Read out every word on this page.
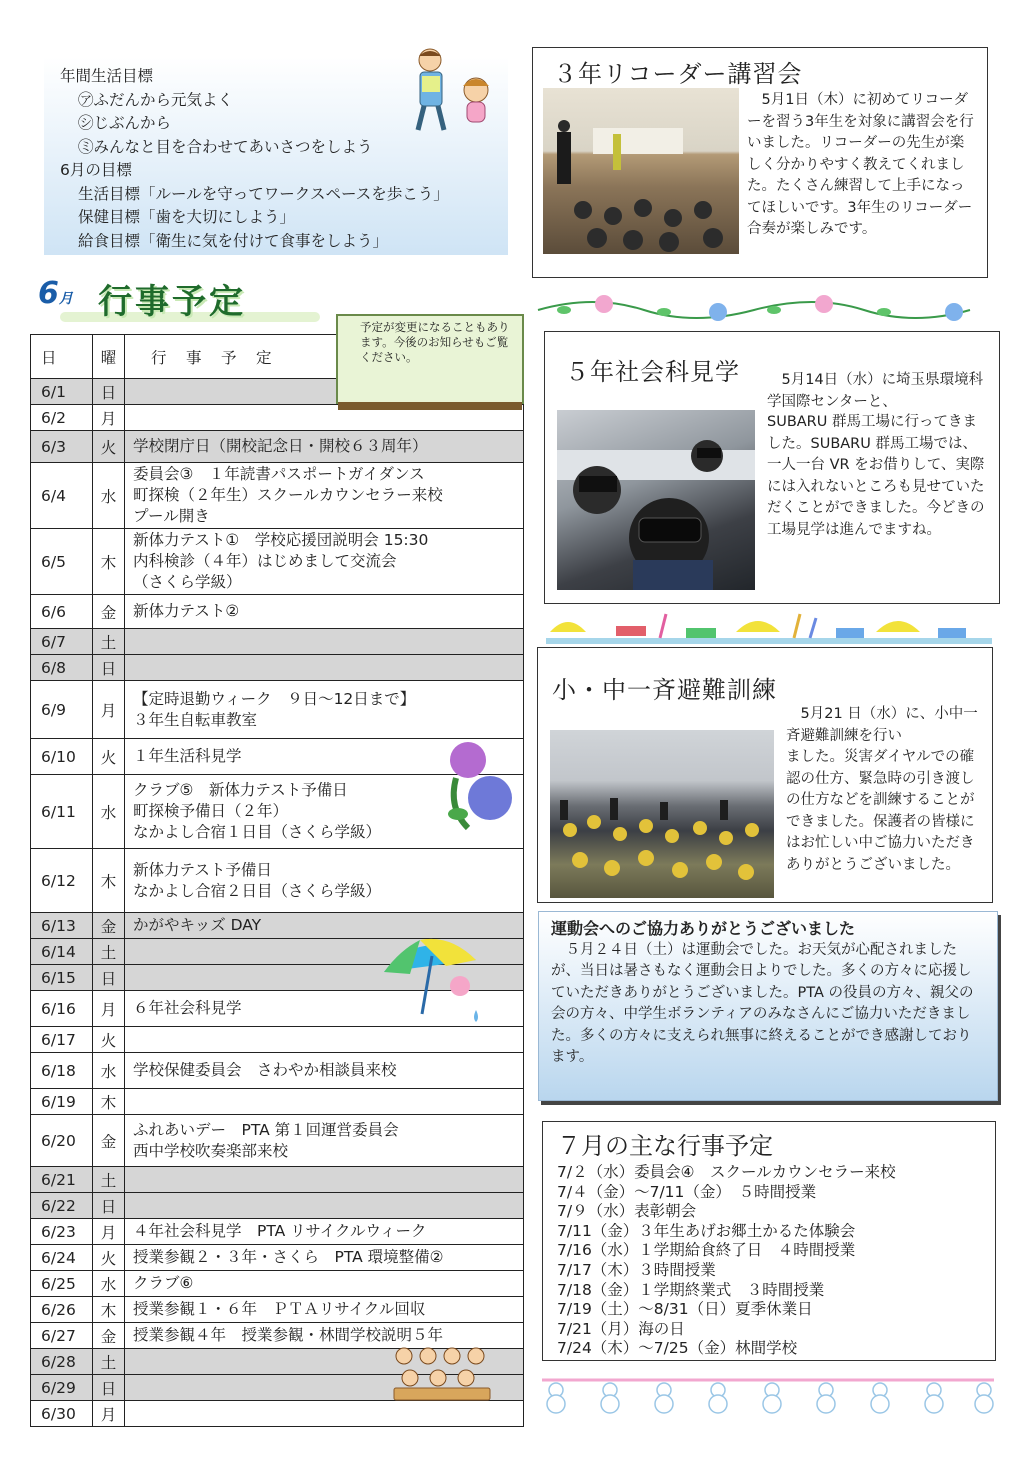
年間生活目標
㋐ふだんから元気よく
㋛じぶんから
㋯みんなと目を合わせてあいさつをしよう
6月の目標
生活目標「ルールを守ってワークスペースを歩こう」
保健目標「歯を大切にしよう」
給食目標「衛生に気を付けて食事をしよう」
6月 行事予定
日	曜	行　事　予　定
6/1	日	
6/2	月	
6/3	火	学校閉庁日（開校記念日・開校６３周年）

6/4	水	委員会③　１年読書パスポートガイダンス
町探検（２年生）スクールカウンセラー来校
プール開き

6/5	木	新体力テスト①　学校応援団説明会 15:30
内科検診（４年）はじめまして交流会
（さくら学級）

6/6	金	新体力テスト②

6/7	土	
6/8	日	
6/9	月	【定時退勤ウィーク　９日～12日まで】
３年生自転車教室

6/10	火	１年生活科見学

6/11	水	クラブ⑤　新体力テスト予備日
町探検予備日（２年）
なかよし合宿１日目（さくら学級）

6/12	木	新体力テスト予備日
なかよし合宿２日目（さくら学級）

6/13	金	かがやキッズ DAY

6/14	土	
6/15	日	
6/16	月	６年社会科見学

6/17	火	
6/18	水	学校保健委員会　さわやか相談員来校

6/19	木	
6/20	金	ふれあいデー　PTA 第１回運営委員会
西中学校吹奏楽部来校

6/21	土	
6/22	日	
6/23	月	４年社会科見学　PTA リサイクルウィーク

6/24	火	授業参観２・３年・さくら　PTA 環境整備②

6/25	水	クラブ⑥

6/26	木	授業参観１・６年　ＰＴＡリサイクル回収

6/27	金	授業参観４年　授業参観・林間学校説明５年

6/28	土	
6/29	日	
6/30	月	
予定が変更になることもあります。今後のお知らせもご覧ください。
３年リコーダー講習会
5月1日（木）に初めてリコーダーを習う3年生を対象に講習会を行いました。リコーダーの先生が楽しく分かりやすく教えてくれました。たくさん練習して上手になってほしいです。3年生のリコーダー合奏が楽しみです。
５年社会科見学	5月14日（水）に埼玉県環境科学国際センターと、
SUBARU 群馬工場に行ってきました。SUBARU 群馬工場では、一人一台 VR をお借りして、実際には入れないところも見せていただくことができました。今どきの工場見学は進んでますね。
小・中一斉避難訓練
5月21 日（水）に、小中一斉避難訓練を行い
ました。災害ダイヤルでの確認の仕方、緊急時の引き渡しの仕方などを訓練することができました。保護者の皆様にはお忙しい中ご協力いただきありがとうございました。
運動会へのご協力ありがとうございました
５月２４日（土）は運動会でした。お天気が心配されましたが、当日は暑さもなく運動会日よりでした。多くの方々に応援していただきありがとうございました。PTA の役員の方々、親父の会の方々、中学生ボランティアのみなさんにご協力いただきました。多くの方々に支えられ無事に終えることができ感謝しております。
７月の主な行事予定
7/２（水）委員会④　スクールカウンセラー来校
7/４（金）～7/11（金）　５時間授業
7/９（水）表彰朝会
7/11（金）３年生あげお郷土かるた体験会
7/16（水）１学期給食終了日　４時間授業
7/17（木）３時間授業
7/18（金）１学期終業式　３時間授業
7/19（土）～8/31（日）夏季休業日
7/21（月）海の日
7/24（木）～7/25（金）林間学校
